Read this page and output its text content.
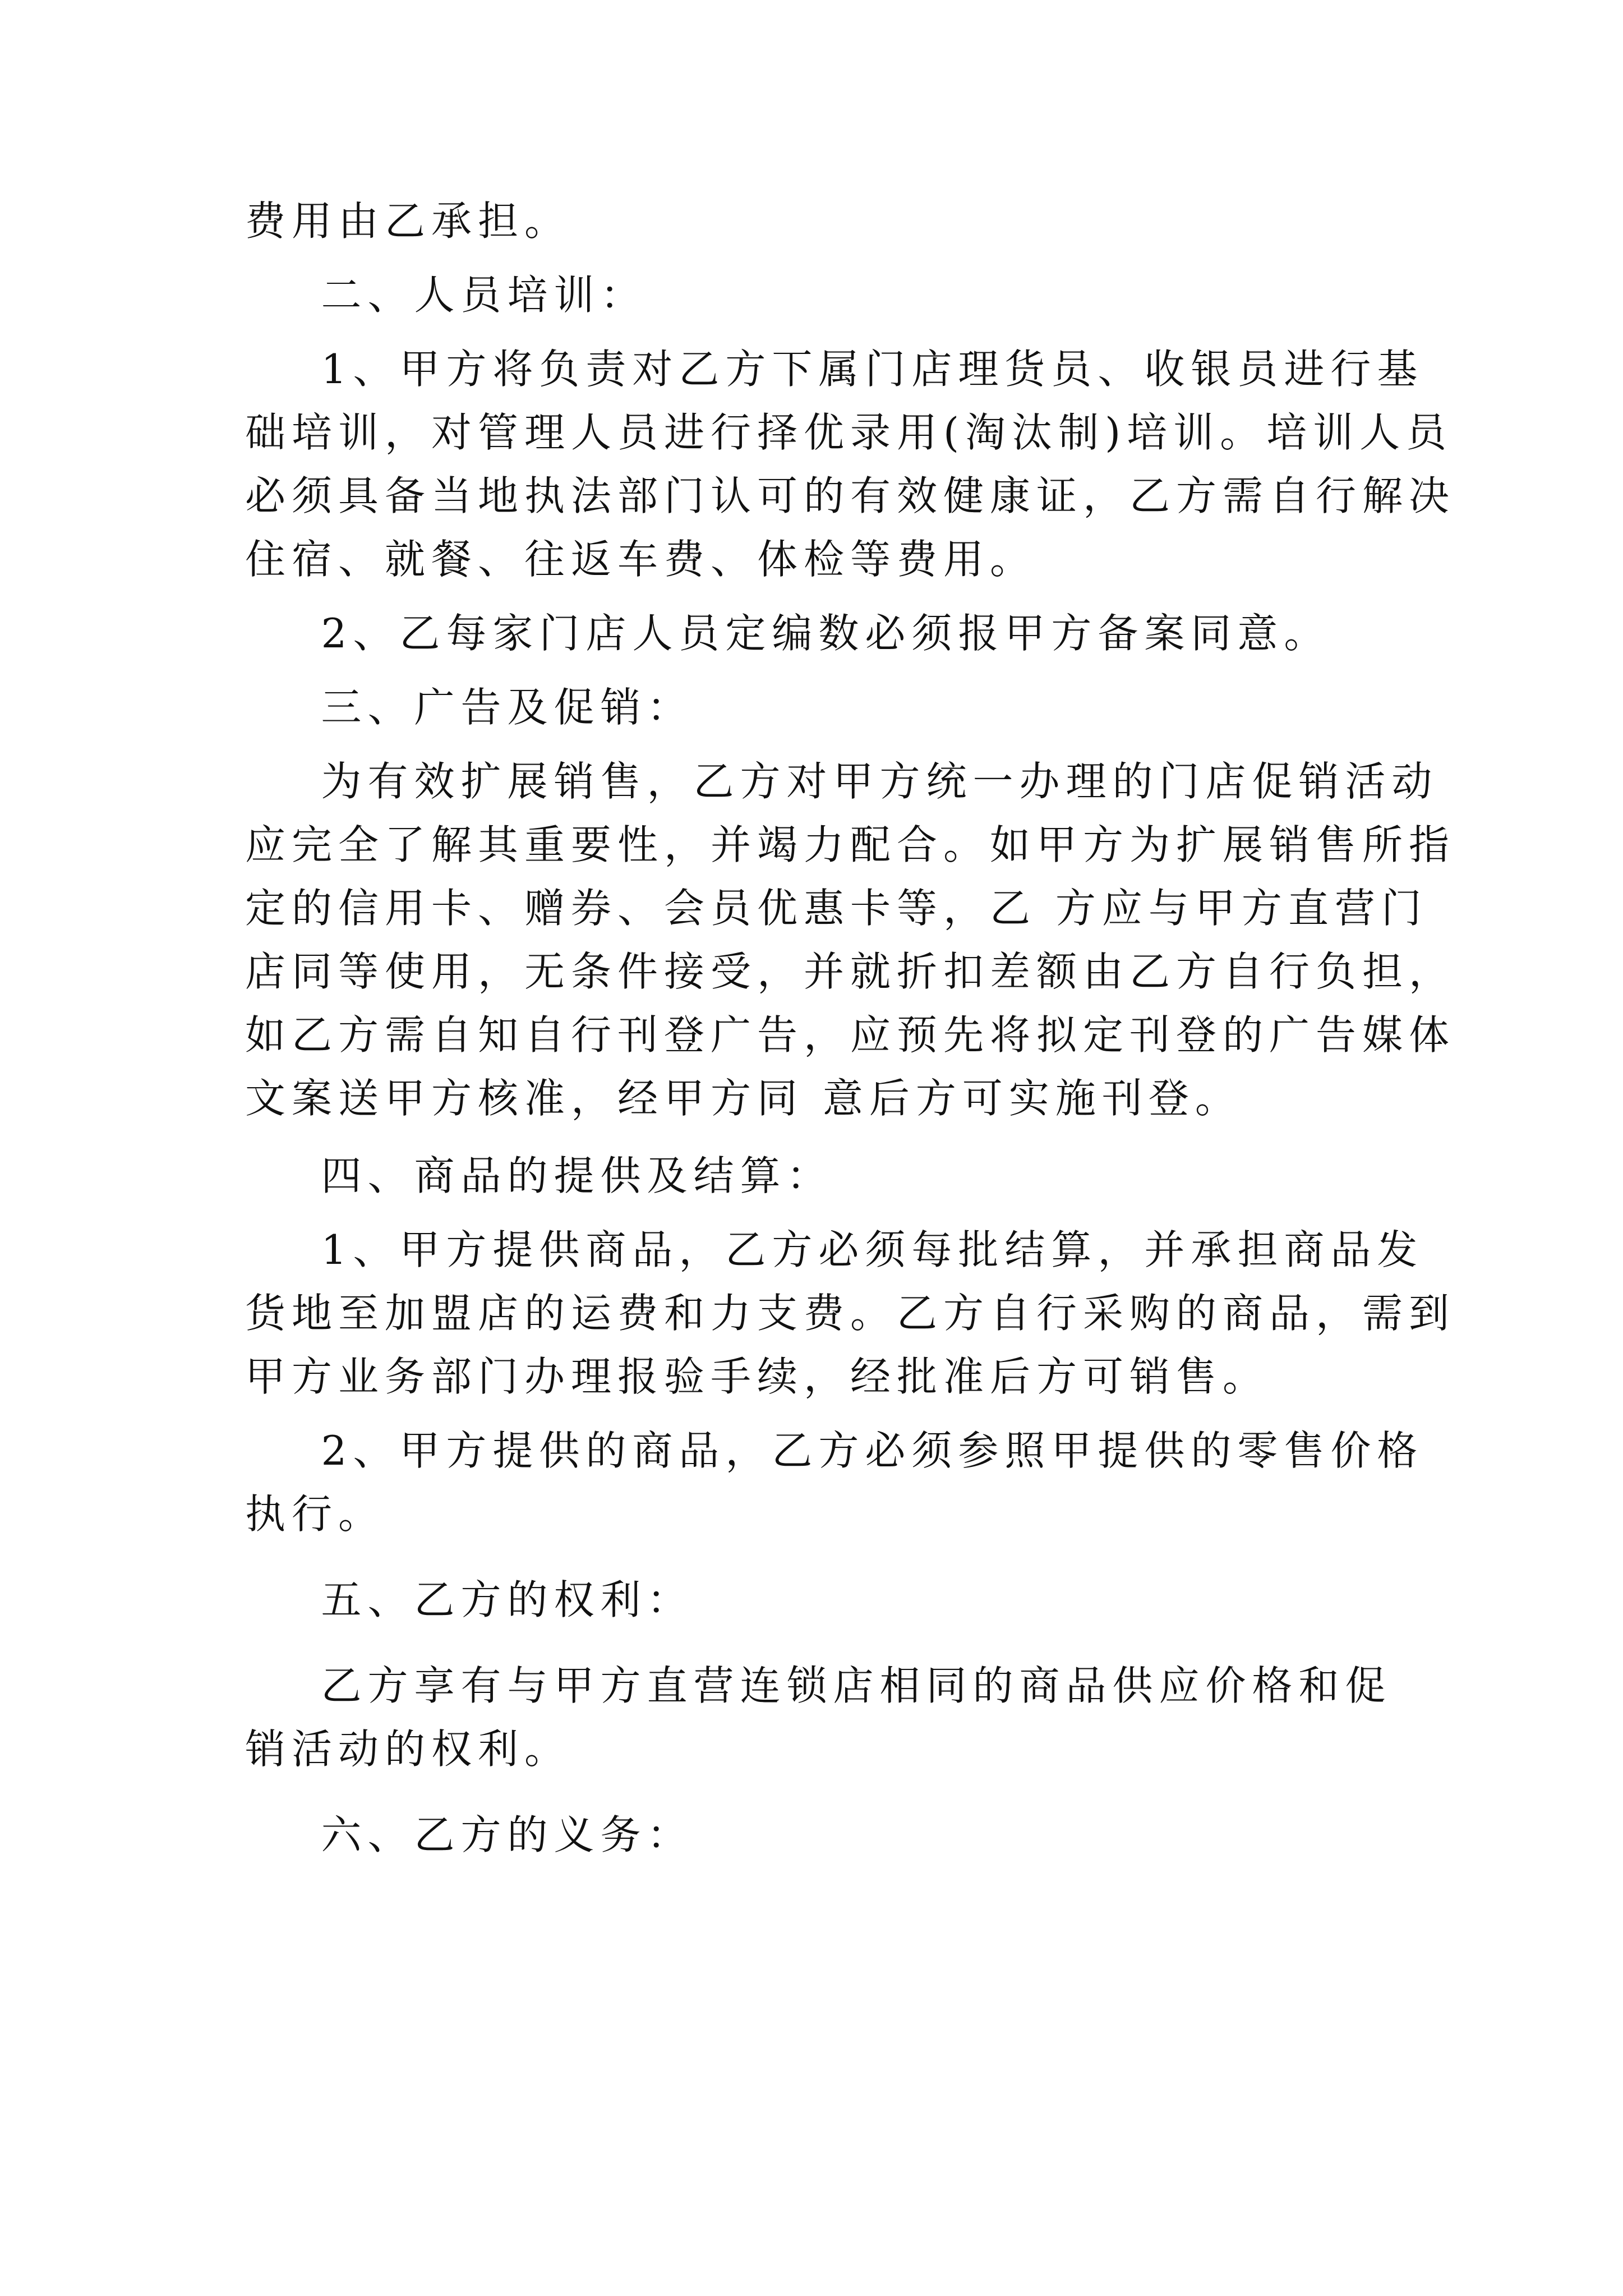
费用由乙承担。
二、人员培训：
1、甲方将负责对乙方下属门店理货员、收银员进行基
础培训，对管理人员进行择优录用(淘汰制)培训。培训人员
必须具备当地执法部门认可的有效健康证，乙方需自行解决
住宿、就餐、往返车费、体检等费用。
2、乙每家门店人员定编数必须报甲方备案同意。
三、广告及促销：
为有效扩展销售，乙方对甲方统一办理的门店促销活动
应完全了解其重要性，并竭力配合。如甲方为扩展销售所指
定的信用卡、赠券、会员优惠卡等，乙 方应与甲方直营门
店同等使用，无条件接受，并就折扣差额由乙方自行负担，
如乙方需自知自行刊登广告，应预先将拟定刊登的广告媒体
文案送甲方核准，经甲方同 意后方可实施刊登。
四、商品的提供及结算：
1、甲方提供商品，乙方必须每批结算，并承担商品发
货地至加盟店的运费和力支费。乙方自行采购的商品，需到
甲方业务部门办理报验手续，经批准后方可销售。
2、甲方提供的商品，乙方必须参照甲提供的零售价格
执行。
五、乙方的权利：
乙方享有与甲方直营连锁店相同的商品供应价格和促
销活动的权利。
六、乙方的义务：
